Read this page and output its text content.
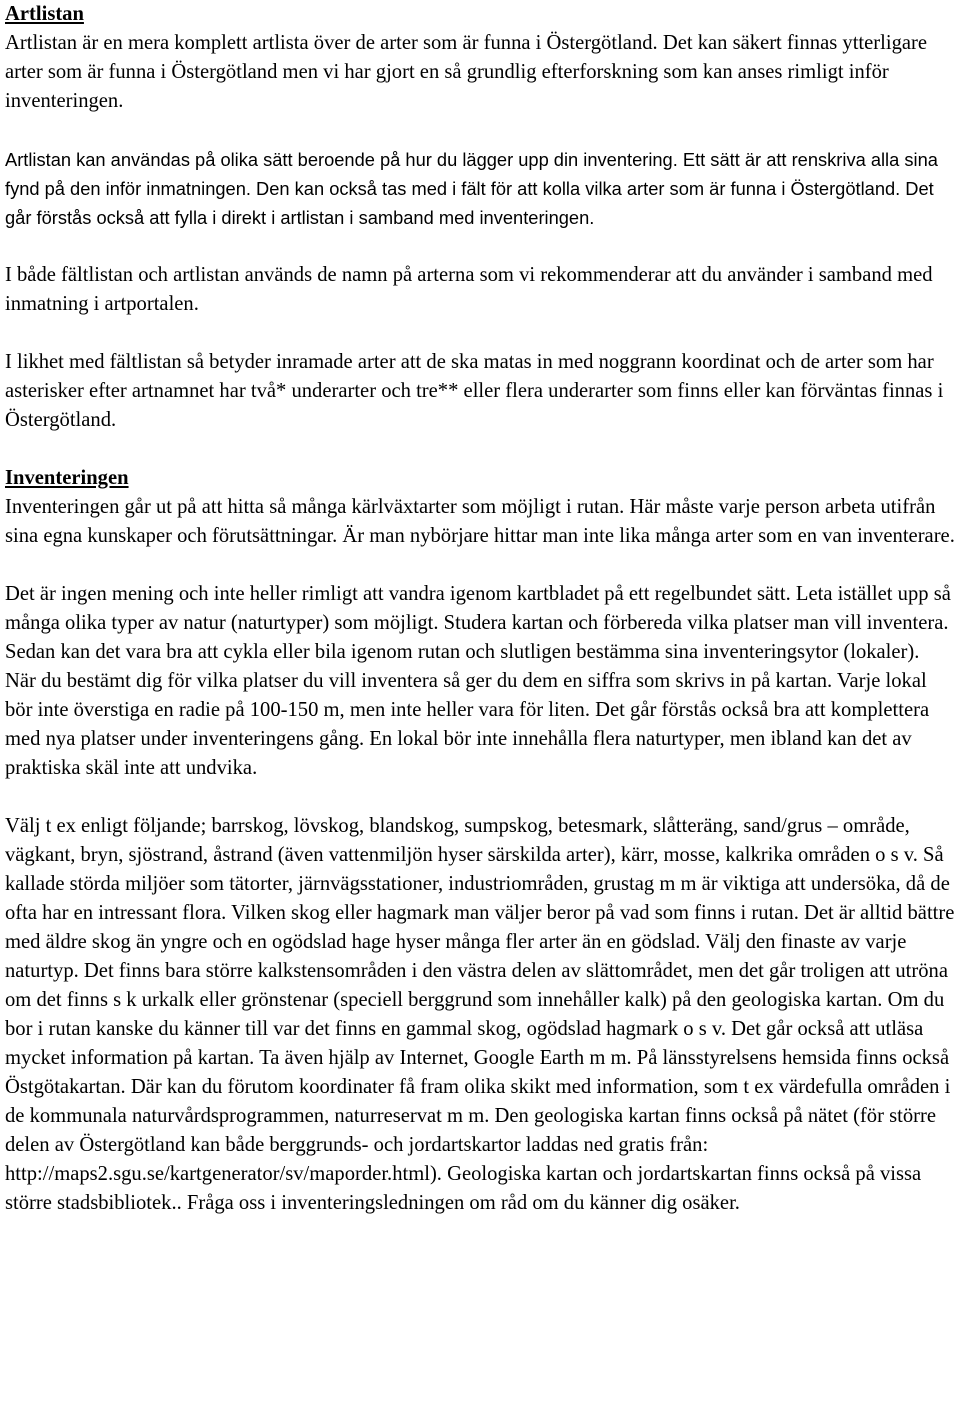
Artlistan

Artlistan är en mera komplett artlista över de arter som är funna i Östergötland. Det kan säkert finnas ytterligare arter som är funna i Östergötland men vi har gjort en så grundlig efterforskning som kan anses rimligt inför inventeringen.

Artlistan kan användas på olika sätt beroende på hur du lägger upp din inventering. Ett sätt är att renskriva alla sina fynd på den inför inmatningen. Den kan också tas med i fält för att kolla vilka arter som är funna i Östergötland. Det går förstås också att fylla i direkt i artlistan i samband med inventeringen.

I både fältlistan och artlistan används de namn på arterna som vi rekommenderar att du använder i samband med inmatning i artportalen.

I likhet med fältlistan så betyder inramade arter att de ska matas in med noggrann koordinat och de arter som har asterisker efter artnamnet har två* underarter och tre** eller flera underarter som finns eller kan förväntas finnas i Östergötland.

Inventeringen

Inventeringen går ut på att hitta så många kärlväxtarter som möjligt i rutan. Här måste varje person arbeta utifrån sina egna kunskaper och förutsättningar. Är man nybörjare hittar man inte lika många arter som en van inventerare.

Det är ingen mening och inte heller rimligt att vandra igenom kartbladet på ett regelbundet sätt. Leta istället upp så många olika typer av natur (naturtyper) som möjligt. Studera kartan och förbereda vilka platser man vill inventera. Sedan kan det vara bra att cykla eller bila igenom rutan och slutligen bestämma sina inventeringsytor (lokaler). När du bestämt dig för vilka platser du vill inventera så ger du dem en siffra som skrivs in på kartan. Varje lokal bör inte överstiga en radie på 100-150 m, men inte heller vara för liten. Det går förstås också bra att komplettera med nya platser under inventeringens gång. En lokal bör inte innehålla flera naturtyper, men ibland kan det av praktiska skäl inte att undvika.

Välj t ex enligt följande; barrskog, lövskog, blandskog, sumpskog, betesmark, slåtteräng, sand/grus – område, vägkant, bryn, sjöstrand, åstrand (även vattenmiljön hyser särskilda arter), kärr, mosse, kalkrika områden o s v. Så kallade störda miljöer som tätorter, järnvägsstationer, industriområden, grustag m m är viktiga att undersöka, då de ofta har en intressant flora. Vilken skog eller hagmark man väljer beror på vad som finns i rutan. Det är alltid bättre med äldre skog än yngre och en ogödslad hage hyser många fler arter än en gödslad. Välj den finaste av varje naturtyp. Det finns bara större kalkstensområden i den västra delen av slättområdet, men det går troligen att utröna om det finns s k urkalk eller grönstenar (speciell berggrund som innehåller kalk) på den geologiska kartan. Om du bor i rutan kanske du känner till var det finns en gammal skog, ogödslad hagmark o s v. Det går också att utläsa mycket information på kartan. Ta även hjälp av Internet, Google Earth m m. På länsstyrelsens hemsida finns också Östgötakartan. Där kan du förutom koordinater få fram olika skikt med information, som t ex värdefulla områden i de kommunala naturvårdsprogrammen, naturreservat m m. Den geologiska kartan finns också på nätet (för större delen av Östergötland kan både berggrunds- och jordartskartor laddas ned gratis från: http://maps2.sgu.se/kartgenerator/sv/maporder.html). Geologiska kartan och jordartskartan finns också på vissa större stadsbibliotek.. Fråga oss i inventeringsledningen om råd om du känner dig osäker.
